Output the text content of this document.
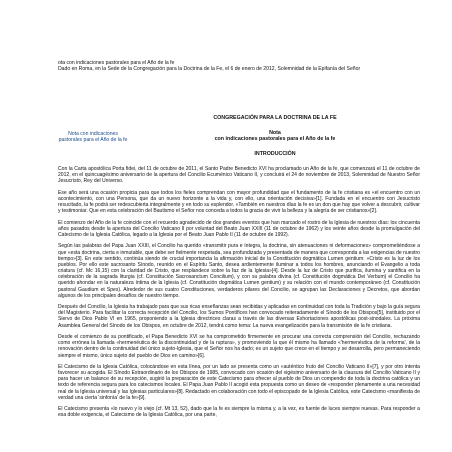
ota con indicaciones pastorales para el Año de la fe
Dado en Roma, en la Sede de la Congregación para la Doctrina de la Fe, el 6 de enero de 2012, Solemnidad de la Epifanía del Señor
Nota con indicaciones pastorales para el Año de la fe
CONGREGACIÓN PARA LA DOCTRINA DE LA FE
Nota
con indicaciones pastorales para el Año de la fe
INTRODUCCIÓN

Con la Carta apostólica Porta fidei, del 11 de octubre de 2011, el Santo Padre Benedicto XVI ha proclamado un Año de la fe, que comenzará el 11 de octubre de 2012, en el quincuagésimo aniversario de la apertura del Concilio Ecuménico Vaticano II, y concluirá el 24 de noviembre de 2013, Solemnidad de Nuestro Señor Jesucristo, Rey del Universo.

Ese año será una ocasión propicia para que todos los fieles comprendan con mayor profundidad que el fundamento de la fe cristiana es «el encuentro con un acontecimiento, con una Persona, que da un nuevo horizonte a la vida y, con ello, una orientación decisiva»[1]. Fundada en el encuentro con Jesucristo resucitado, la fe podrá ser redescubierta integralmente y en todo su esplendor. «También en nuestros días la fe es un don que hay que volver a descubrir, cultivar y testimoniar. Que en esta celebración del Bautismo el Señor nos conceda a todos la gracia de vivir la belleza y la alegría de ser cristianos»[2].

El comienzo del Año de la fe coincide con el recuerdo agradecido de dos grandes eventos que han marcado el rostro de la Iglesia de nuestros días: los cincuenta años pasados desde la apertura del Concilio Vaticano II por voluntad del Beato Juan XXIII (11 de octubre de 1962) y los veinte años desde la promulgación del Catecismo de la Iglesia Católica, legado a la Iglesia por el Beato Juan Pablo II (11 de octubre de 1992).

Según las palabras del Papa Juan XXIII, el Concilio ha querido «transmitir pura e íntegra, la doctrina, sin atenuaciones ni deformaciones» comprometiéndose a que «esta doctrina, cierta e inmutable, que debe ser fielmente respetada, sea profundizada y presentada de manera que corresponda a las exigencias de nuestro tiempo»[3]. En este sentido, continúa siendo de crucial importancia la afirmación inicial de la Constitución dogmática Lumen gentium: «Cristo es la luz de los pueblos. Por ello este sacrosanto Sínodo, reunido en el Espíritu Santo, desea ardientemente iluminar a todos los hombres, anunciando el Evangelio a toda criatura (cf. Mc 16,15) con la claridad de Cristo, que resplandece sobre la faz de la Iglesia»[4]. Desde la luz de Cristo que purifica, ilumina y santifica en la celebración de la sagrada liturgia (cf. Constitución Sacrosanctum Concilium), y con su palabra divina (cf. Constitución dogmática Dei Verbum) el Concilio ha querido ahondar en la naturaleza íntima de la Iglesia (cf. Constitución dogmática Lumen gentium) y su relación con el mundo contemporáneo (cf. Constitución pastoral Gaudium et Spes). Alrededor de sus cuatro Constituciones, verdaderos pilares del Concilio, se agrupan las Declaraciones y Decretos, que abordan algunos de los principales desafíos de nuestro tiempo.

Después del Concilio, la Iglesia ha trabajado para que sus ricas enseñanzas sean recibidas y aplicadas en continuidad con toda la Tradición y bajo la guía segura del Magisterio. Para facilitar la correcta recepción del Concilio, los Sumos Pontífices han convocado reiteradamente el Sínodo de los Obispos[5], instituido por el Siervo de Dios Pablo VI en 1965, proponiendo a la Iglesia directrices claras a través de las diversas Exhortaciones apostólicas post-sinodales. La próxima Asamblea General del Sínodo de los Obispos, en octubre de 2012, tendrá como tema: La nueva evangelización para la transmisión de la fe cristiana.

Desde el comienzo de su pontificado, el Papa Benedicto XVI se ha comprometido firmemente en procurar una correcta comprensión del Concilio, rechazando como errónea la llamada «hermenéutica de la discontinuidad y de la ruptura», y promoviendo la que él mismo ha llamado «'hermenéutica de la reforma', de la renovación dentro de la continuidad del único sujeto-Iglesia, que el Señor nos ha dado; es un sujeto que crece en el tiempo y se desarrolla, pero permaneciendo siempre el mismo, único sujeto del pueblo de Dios en camino»[6].

El Catecismo de la Iglesia Católica, colocándose en esta línea, por un lado se presenta como un «auténtico fruto del Concilio Vaticano II»[7], y por otro intenta favorecer su acogida. El Sínodo Extraordinario de los Obispos de 1985, convocado con ocasión del vigésimo aniversario de la clausura del Concilio Vaticano II y para hacer un balance de su recepción, sugirió la preparación de este Catecismo para ofrecer al pueblo de Dios un compendio de toda la doctrina católica y un texto de referencia segura para los catecismos locales. El Papa Juan Pablo II acogió esta propuesta como un deseo de «responder plenamente a una necesidad real de la Iglesia universal y las Iglesias particulares»[8]. Redactado en colaboración con todo el episcopado de la Iglesia Católica, este Catecismo «manifiesta de verdad una cierta 'sinfonía' de la fe»[9].

El Catecismo presenta «lo nuevo y lo viejo (cf. Mt 13, 52), dado que la fe es siempre la misma y, a la vez, es fuente de luces siempre nuevas. Para responder a esa doble exigencia, el Catecismo de la Iglesia Católica, por una parte,
